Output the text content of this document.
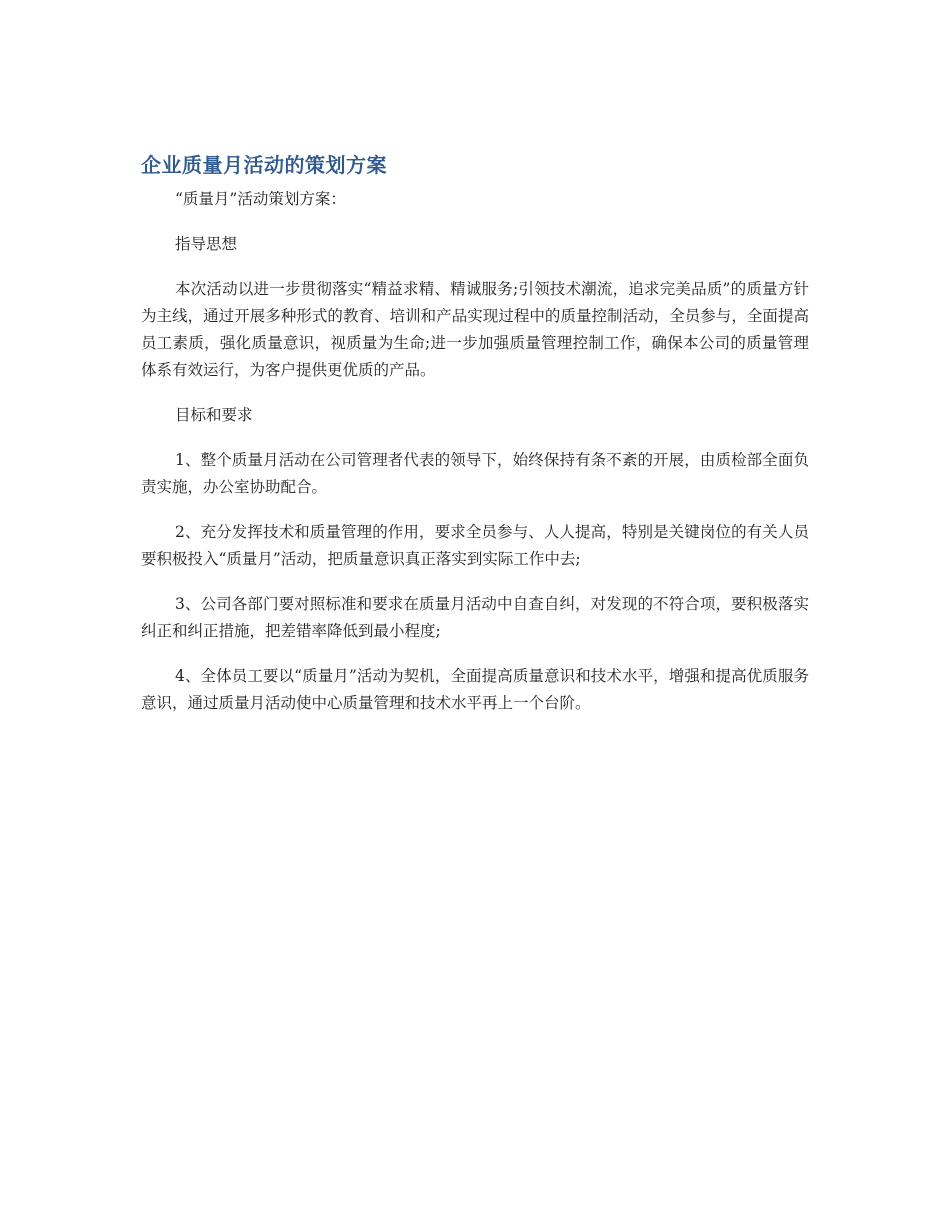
企业质量月活动的策划方案

“质量月”活动策划方案：

指导思想

本次活动以进一步贯彻落实“精益求精、精诚服务;引领技术潮流，追求完美品质”的质量方针为主线，通过开展多种形式的教育、培训和产品实现过程中的质量控制活动，全员参与，全面提高员工素质，强化质量意识，视质量为生命;进一步加强质量管理控制工作，确保本公司的质量管理体系有效运行，为客户提供更优质的产品。

目标和要求

1、整个质量月活动在公司管理者代表的领导下，始终保持有条不紊的开展，由质检部全面负责实施，办公室协助配合。

2、充分发挥技术和质量管理的作用，要求全员参与、人人提高，特别是关键岗位的有关人员要积极投入“质量月”活动，把质量意识真正落实到实际工作中去;

3、公司各部门要对照标准和要求在质量月活动中自查自纠，对发现的不符合项，要积极落实纠正和纠正措施，把差错率降低到最小程度;

4、全体员工要以“质量月”活动为契机，全面提高质量意识和技术水平，增强和提高优质服务意识，通过质量月活动使中心质量管理和技术水平再上一个台阶。
